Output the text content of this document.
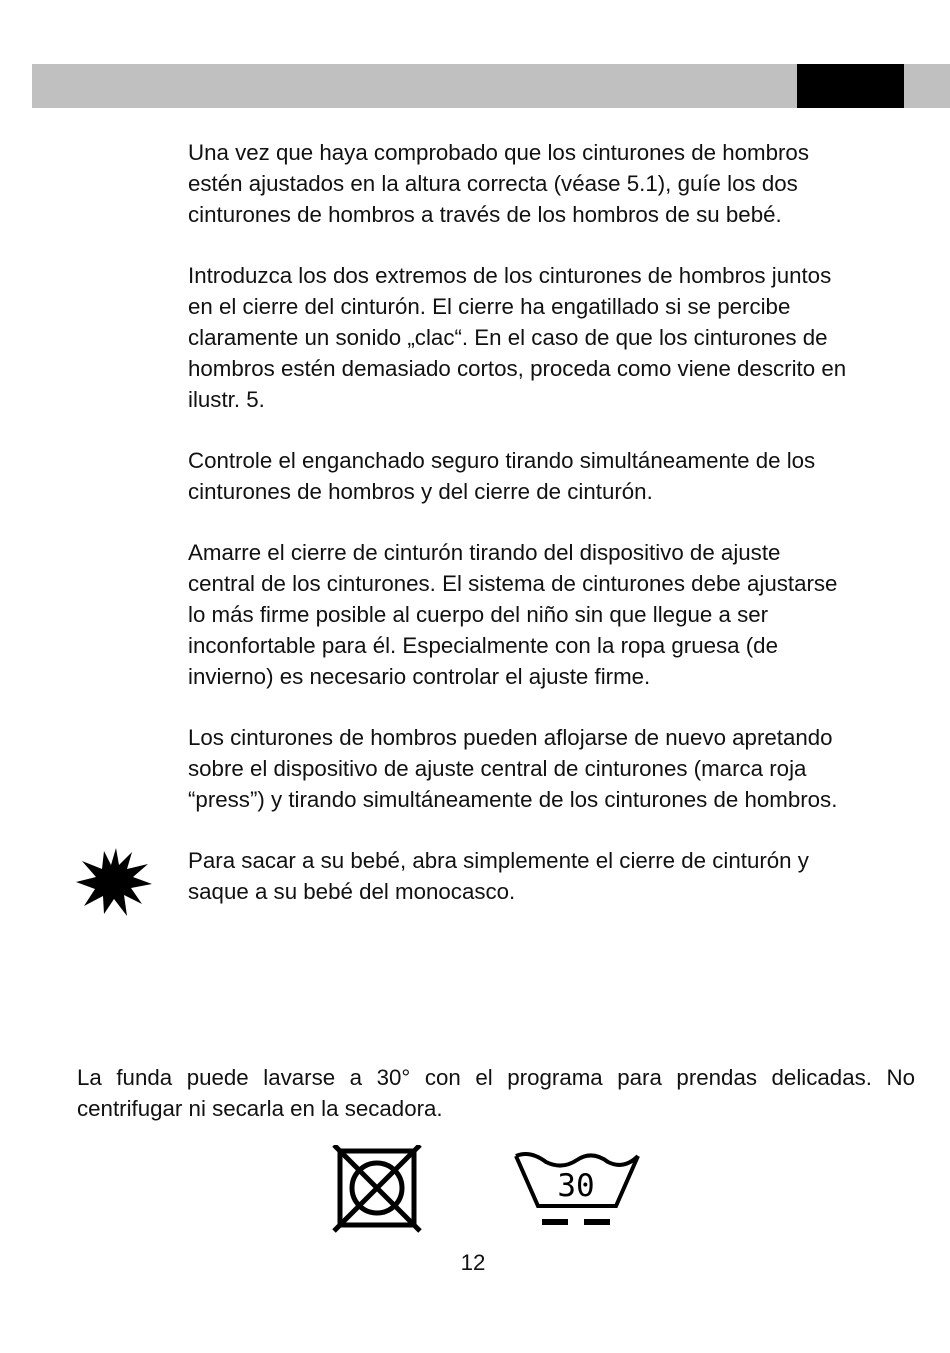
Una vez que haya comprobado que los cinturones de hombros
estén ajustados en la altura correcta (véase 5.1), guíe los dos
cinturones de hombros a través de los hombros de su bebé.

Introduzca los dos extremos de los cinturones de hombros juntos
en el cierre del cinturón. El cierre ha engatillado si se percibe
claramente un sonido „clac“. En el caso de que los cinturones de
hombros estén demasiado cortos, proceda como viene descrito en
ilustr. 5.

Controle el enganchado seguro tirando simultáneamente de los
cinturones de hombros y del cierre de cinturón.

Amarre el cierre de cinturón tirando del dispositivo de ajuste
central de los cinturones. El sistema de cinturones debe ajustarse
lo más firme posible al cuerpo del niño sin que llegue a ser
inconfortable para él. Especialmente con la ropa gruesa (de
invierno) es necesario controlar el ajuste firme.

Los cinturones de hombros pueden aflojarse de nuevo apretando
sobre el dispositivo de ajuste central de cinturones (marca roja
“press”) y tirando simultáneamente de los cinturones de hombros.

Para sacar a su bebé, abra simplemente el cierre de cinturón y
saque a su bebé del monocasco.

La funda puede lavarse a 30° con el programa para prendas delicadas. No centrifugar ni secarla en la secadora.

30
12
